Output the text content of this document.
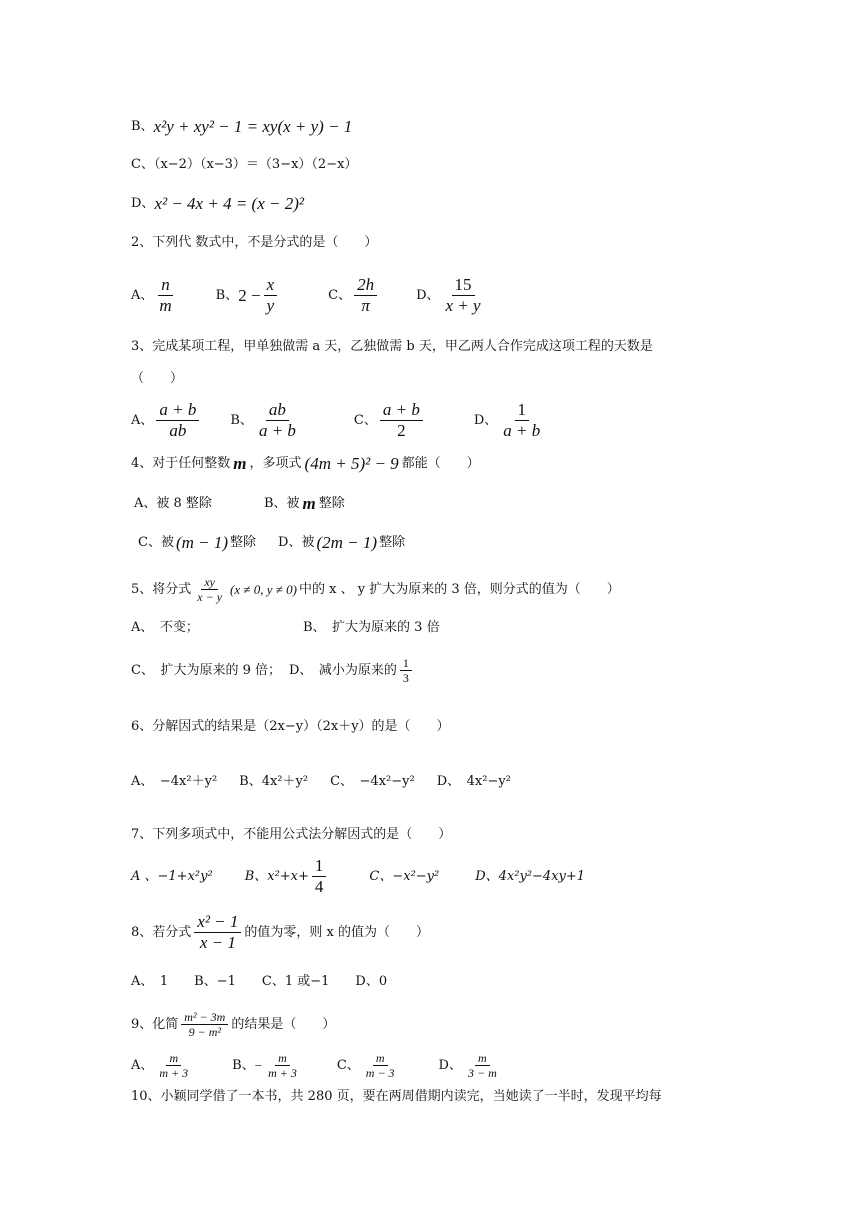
B、 x²y + xy² − 1 = xy(x + y) − 1
C、（x−2）（x−3）＝（3−x）（2−x）
D、 x² − 4x + 4 = (x − 2)²
2、下列代 数式中，不是分式的是（　　）
A、 $\frac{n}{m}$	B、 $2 - \frac{x}{y}$	C、 $\frac{2h}{\pi}$	D、 $\frac{15}{x + y}$
3、完成某项工程，甲单独做需 a 天，乙独做需 b 天，甲乙两人合作完成这项工程的天数是
（　　）
A、 $\frac{a + b}{ab}$ B、 $\frac{ab}{a + b}$	C、 $\frac{a + b}{2}$	D、 $\frac{1}{a + b}$
4、对于任何整数 m ，多项式 (4m + 5)² − 9 都能（　　）
A、被 8 整除	B、被 m 整除
C、被 (m − 1) 整除 D、被 (2m − 1) 整除
5、将分式 $\frac{xy}{x - y} (x \ne 0$, y ≠ 0) 中的 x 、 y 扩大为原来的 3 倍，则分式的值为（　　）
A、　不变；	B、　扩大为原来的 3 倍
C、　扩大为原来的 9 倍； D、　减小为原来的 $\frac{1}{3}$
6、分解因式的结果是（2x−y）（2x＋y）的是（　　）
A、　−4x²＋y² B、4x²＋y² C、　−4x²−y² D、　4x²−y²
7、下列多项式中，不能用公式法分解因式的是（　　）
A 、−1+x²y² B、$x^2+x+ \frac{1}{4}$	C、−x²−y²	D、4x²y²−4xy+1
8、若分式 $\frac{\text{x² − 1}}{x - 1}$ 的值为零，则 x 的值为（　　）
A、　1　　B、−1　　C、1 或−1　　D、0
9、化简 $\frac{\text{m² − 3m}}{\text{9 − m²}}$ 的结果是（　　）
A、 $\frac{m}{m + 3}$	B、 − $\frac{m}{m + 3}$	C、 $\frac{m}{m - 3}$	D、 $\frac{m}{3 - m}$
10、小颖同学借了一本书，共 280 页，要在两周借期内读完，当她读了一半时，发现平均每
